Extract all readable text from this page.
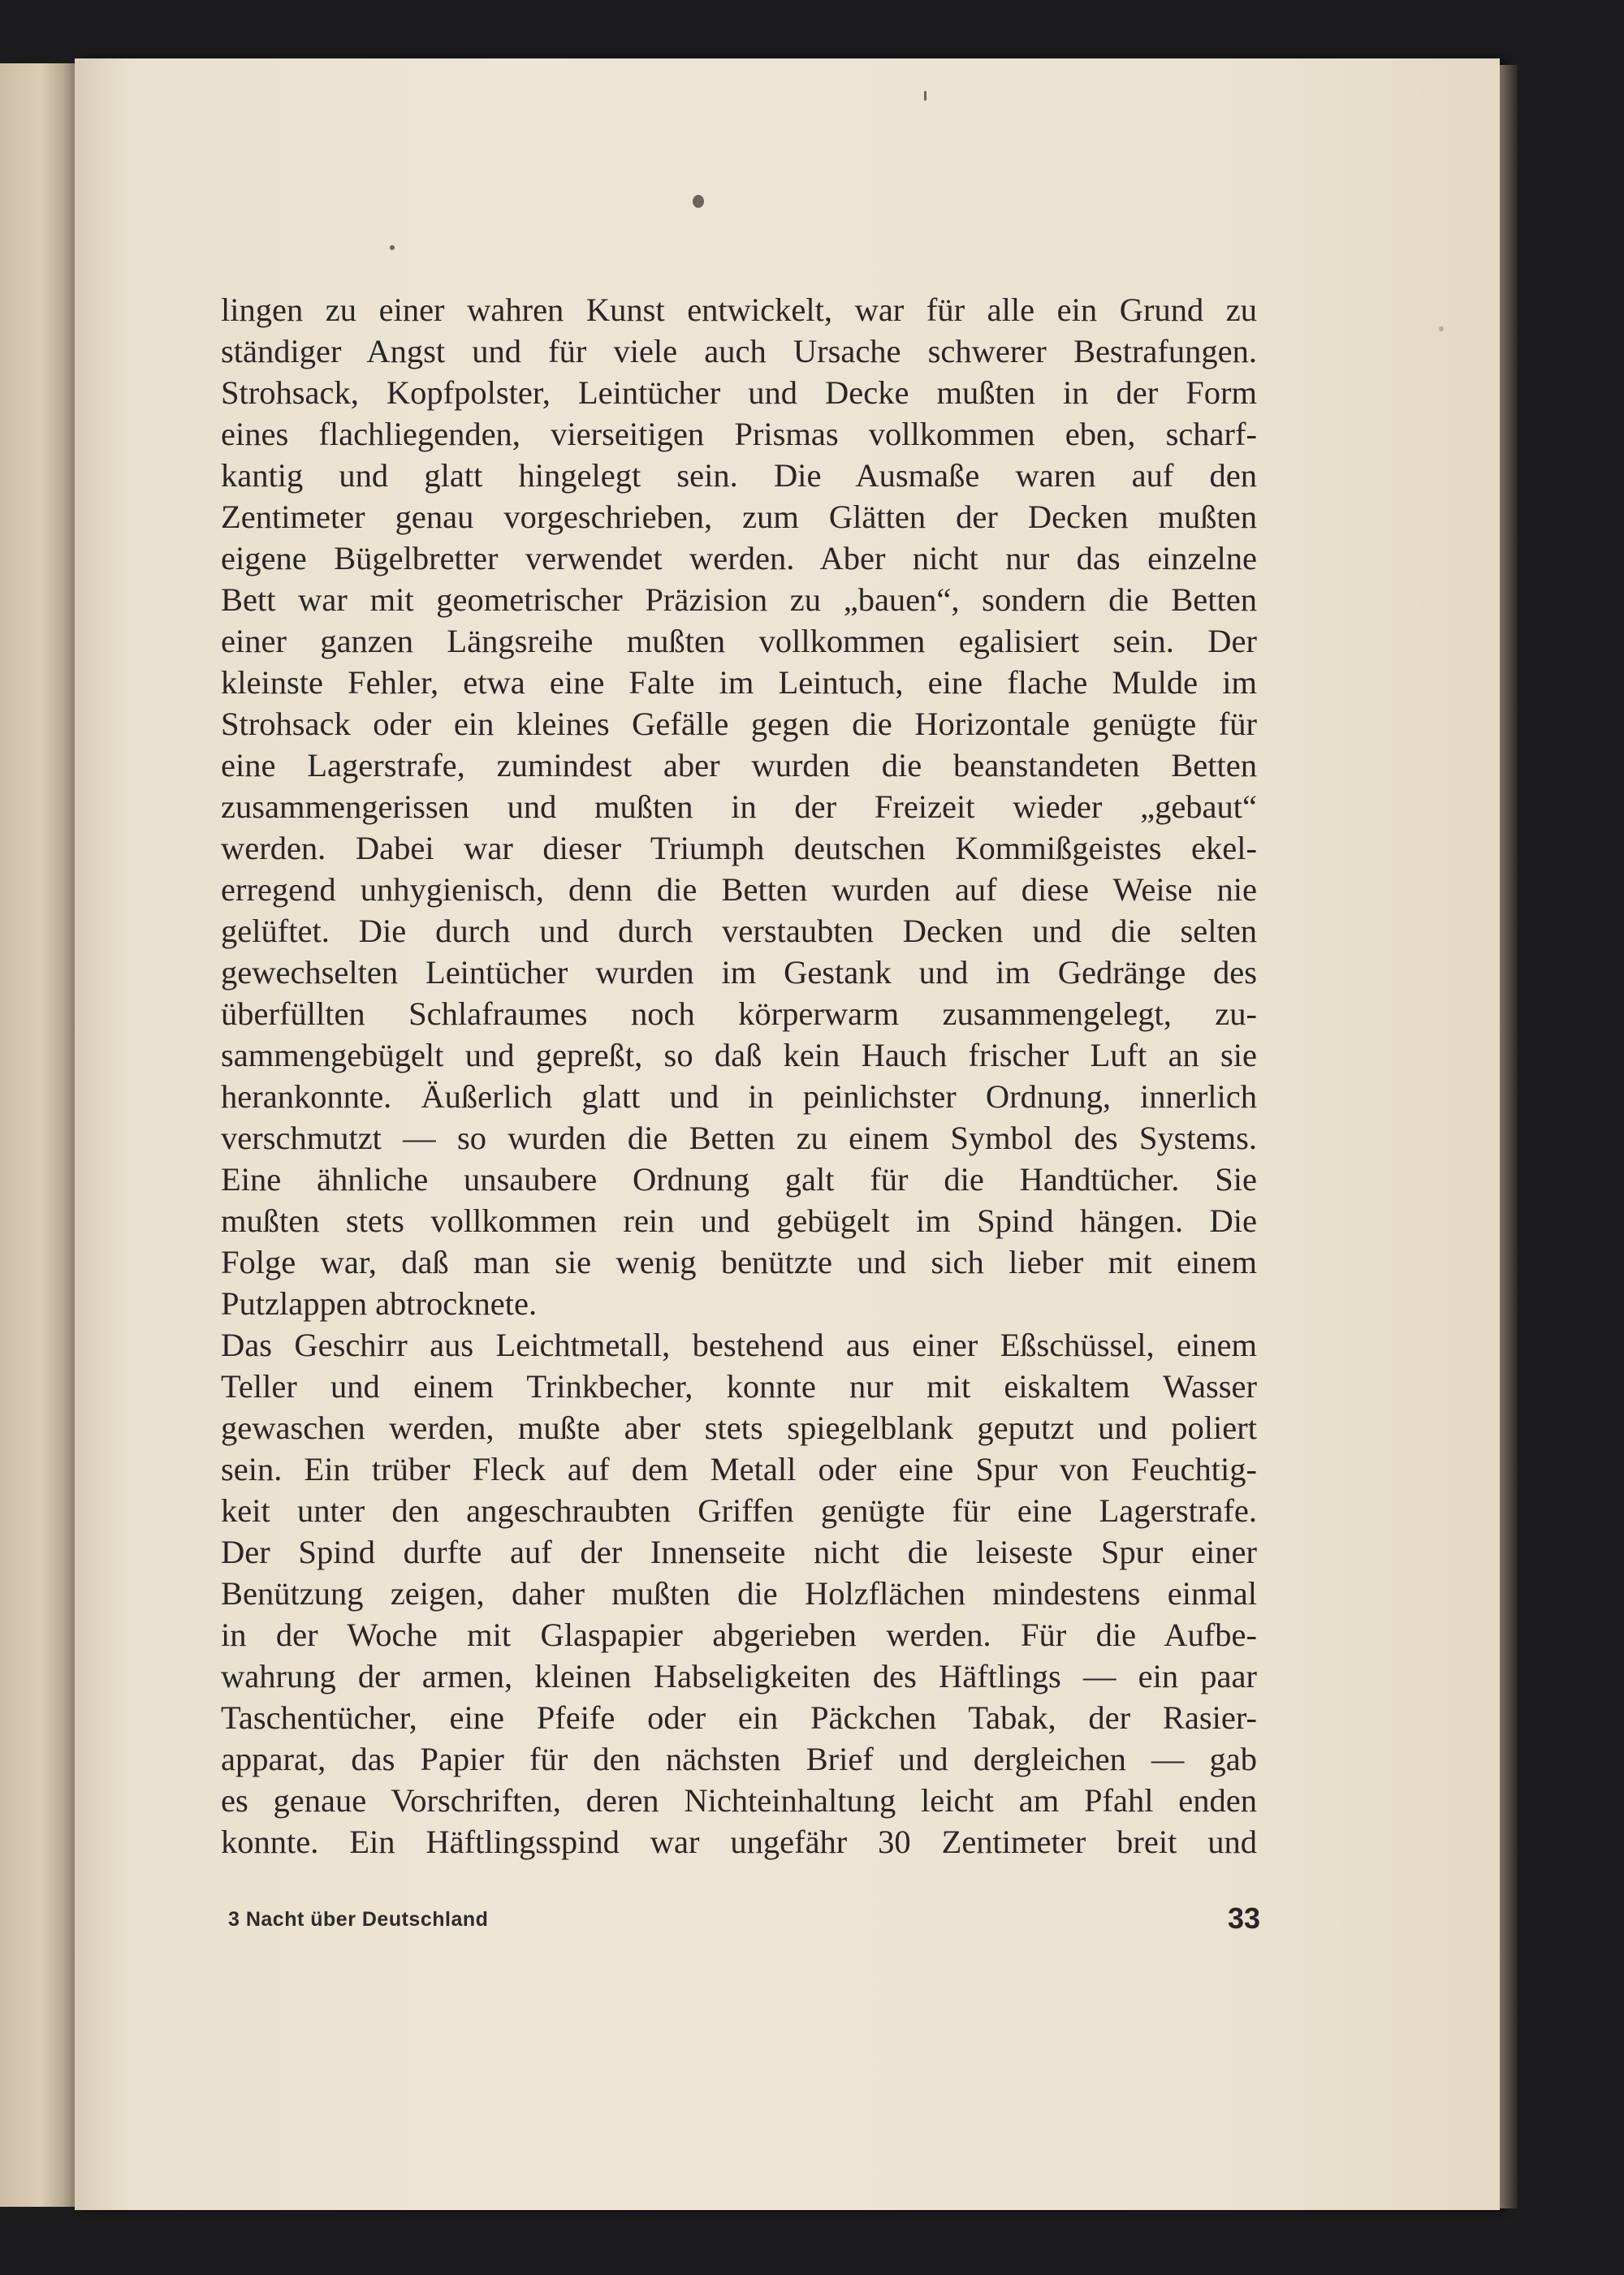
lingen zu einer wahren Kunst entwickelt, war für alle ein Grund zu
ständiger Angst und für viele auch Ursache schwerer Bestrafungen.
Strohsack, Kopfpolster, Leintücher und Decke mußten in der Form
eines flachliegenden, vierseitigen Prismas vollkommen eben, scharf-
kantig und glatt hingelegt sein. Die Ausmaße waren auf den
Zentimeter genau vorgeschrieben, zum Glätten der Decken mußten
eigene Bügelbretter verwendet werden. Aber nicht nur das einzelne
Bett war mit geometrischer Präzision zu „bauen“, sondern die Betten
einer ganzen Längsreihe mußten vollkommen egalisiert sein. Der
kleinste Fehler, etwa eine Falte im Leintuch, eine flache Mulde im
Strohsack oder ein kleines Gefälle gegen die Horizontale genügte für
eine Lagerstrafe, zumindest aber wurden die beanstandeten Betten
zusammengerissen und mußten in der Freizeit wieder „gebaut“
werden. Dabei war dieser Triumph deutschen Kommißgeistes ekel-
erregend unhygienisch, denn die Betten wurden auf diese Weise nie
gelüftet. Die durch und durch verstaubten Decken und die selten
gewechselten Leintücher wurden im Gestank und im Gedränge des
überfüllten Schlafraumes noch körperwarm zusammengelegt, zu-
sammengebügelt und gepreßt, so daß kein Hauch frischer Luft an sie
herankonnte. Äußerlich glatt und in peinlichster Ordnung, innerlich
verschmutzt — so wurden die Betten zu einem Symbol des Systems.
Eine ähnliche unsaubere Ordnung galt für die Handtücher. Sie
mußten stets vollkommen rein und gebügelt im Spind hängen. Die
Folge war, daß man sie wenig benützte und sich lieber mit einem
Putzlappen abtrocknete.
Das Geschirr aus Leichtmetall, bestehend aus einer Eßschüssel, einem
Teller und einem Trinkbecher, konnte nur mit eiskaltem Wasser
gewaschen werden, mußte aber stets spiegelblank geputzt und poliert
sein. Ein trüber Fleck auf dem Metall oder eine Spur von Feuchtig-
keit unter den angeschraubten Griffen genügte für eine Lagerstrafe.
Der Spind durfte auf der Innenseite nicht die leiseste Spur einer
Benützung zeigen, daher mußten die Holzflächen mindestens einmal
in der Woche mit Glaspapier abgerieben werden. Für die Aufbe-
wahrung der armen, kleinen Habseligkeiten des Häftlings — ein paar
Taschentücher, eine Pfeife oder ein Päckchen Tabak, der Rasier-
apparat, das Papier für den nächsten Brief und dergleichen — gab
es genaue Vorschriften, deren Nichteinhaltung leicht am Pfahl enden
konnte. Ein Häftlingsspind war ungefähr 30 Zentimeter breit und
3 Nacht über Deutschland	33
